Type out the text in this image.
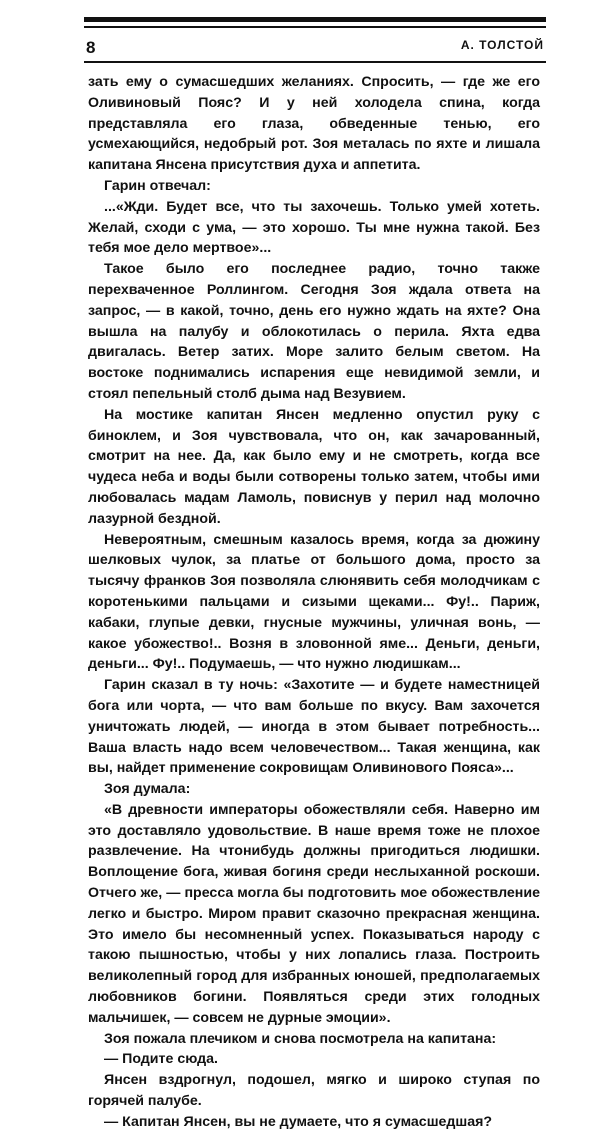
8	А. ТОЛСТОЙ

зать ему о сумасшедших желаниях. Спросить, — где же его Оливиновый Пояс? И у ней холодела спина, когда представляла его глаза, обведенные тенью, его усмехающийся, недобрый рот. Зоя металась по яхте и лишала капитана Янсена присутствия духа и аппетита.

Гарин отвечал:

...«Жди. Будет все, что ты захочешь. Только умей хотеть. Желай, сходи с ума, — это хорошо. Ты мне нужна такой. Без тебя мое дело мертвое»...

Такое было его последнее радио, точно также перехваченное Роллингом. Сегодня Зоя ждала ответа на запрос, — в какой, точно, день его нужно ждать на яхте? Она вышла на палубу и облокотилась о перила. Яхта едва двигалась. Ветер затих. Море залито белым светом. На востоке поднимались испарения еще невидимой земли, и стоял пепельный столб дыма над Везувием.

На мостике капитан Янсен медленно опустил руку с биноклем, и Зоя чувствовала, что он, как зачарованный, смотрит на нее. Да, как было ему и не смотреть, когда все чудеса неба и воды были сотворены только затем, чтобы ими любовалась мадам Ламоль, повиснув у перил над молочно лазурной бездной.

Невероятным, смешным казалось время, когда за дюжину шелковых чулок, за платье от большого дома, просто за тысячу франков Зоя позволяла слюнявить себя молодчикам с коротенькими пальцами и сизыми щеками... Фу!.. Париж, кабаки, глупые девки, гнусные мужчины, уличная вонь, — какое убожество!.. Возня в зловонной яме... Деньги, деньги, деньги... Фу!.. Подумаешь, — что нужно людишкам...

Гарин сказал в ту ночь: «Захотите — и будете наместницей бога или чорта, — что вам больше по вкусу. Вам захочется уничтожать людей, — иногда в этом бывает потребность... Ваша власть надо всем человечеством... Такая женщина, как вы, найдет применение сокровищам Оливинового Пояса»...

Зоя думала:

«В древности императоры обожествляли себя. Наверно им это доставляло удовольствие. В наше время тоже не плохое развлечение. На чтонибудь должны пригодиться людишки. Воплощение бога, живая богиня среди неслыханной роскоши. Отчего же, — пресса могла бы подготовить мое обожествление легко и быстро. Миром правит сказочно прекрасная женщина. Это имело бы несомненный успех. Показываться народу с такою пышностью, чтобы у них лопались глаза. Построить великолепный город для избранных юношей, предполагаемых любовников богини. Появляться среди этих голодных мальчишек, — совсем не дурные эмоции».

Зоя пожала плечиком и снова посмотрела на капитана:

— Подите сюда.

Янсен вздрогнул, подошел, мягко и широко ступая по горячей палубе.

— Капитан Янсен, вы не думаете, что я сумасшедшая?
